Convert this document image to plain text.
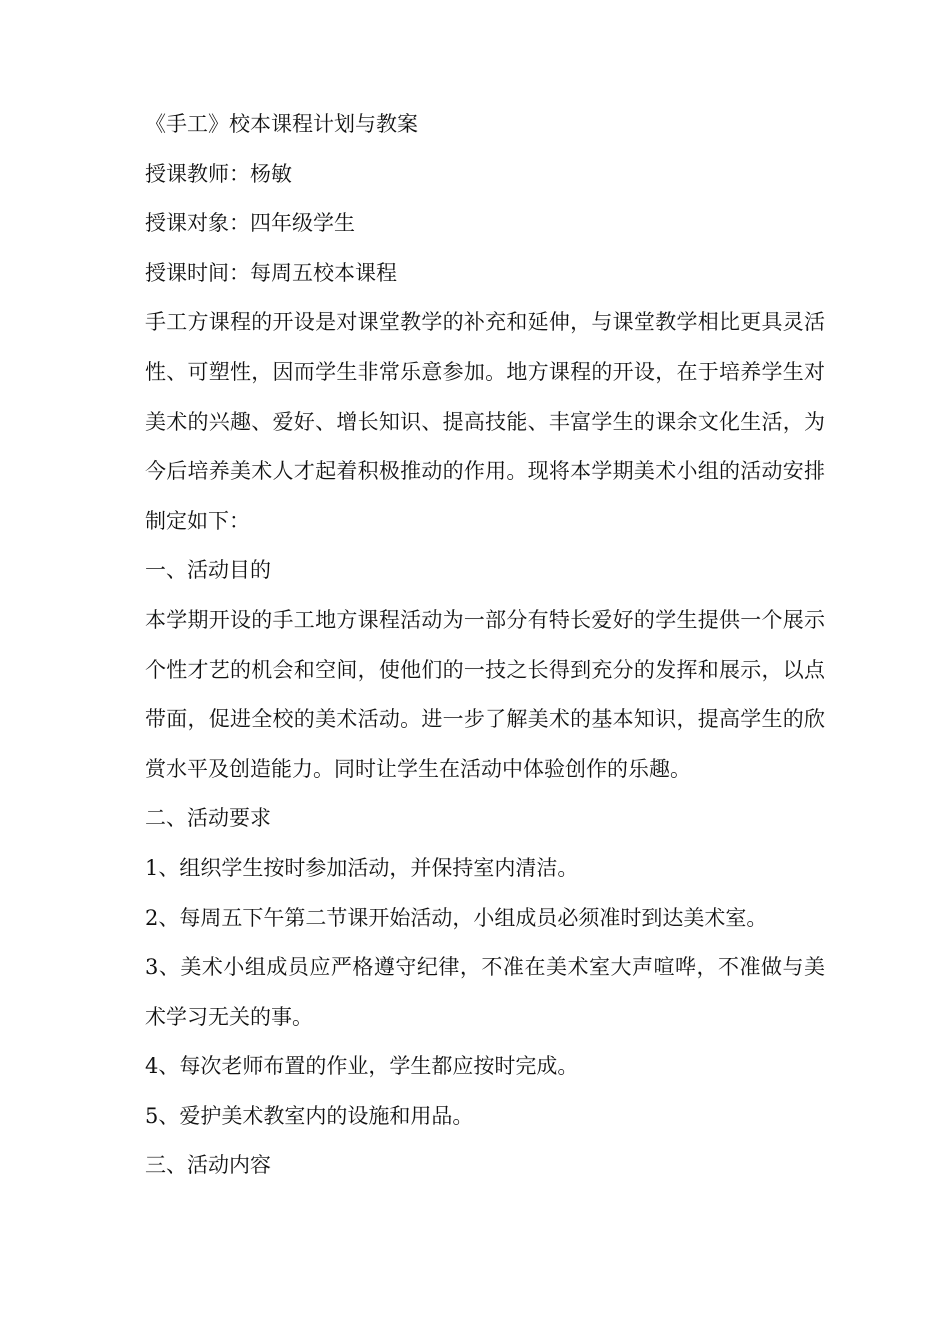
《手工》校本课程计划与教案

授课教师：杨敏

授课对象：四年级学生

授课时间：每周五校本课程

手工方课程的开设是对课堂教学的补充和延伸，与课堂教学相比更具灵活性、可塑性，因而学生非常乐意参加。地方课程的开设，在于培养学生对美术的兴趣、爱好、增长知识、提高技能、丰富学生的课余文化生活，为今后培养美术人才起着积极推动的作用。现将本学期美术小组的活动安排制定如下：

一、活动目的

本学期开设的手工地方课程活动为一部分有特长爱好的学生提供一个展示个性才艺的机会和空间，使他们的一技之长得到充分的发挥和展示，以点带面，促进全校的美术活动。进一步了解美术的基本知识，提高学生的欣赏水平及创造能力。同时让学生在活动中体验创作的乐趣。

二、活动要求

1、组织学生按时参加活动，并保持室内清洁。

2、每周五下午第二节课开始活动，小组成员必须准时到达美术室。

3、美术小组成员应严格遵守纪律，不准在美术室大声喧哗，不准做与美术学习无关的事。

4、每次老师布置的作业，学生都应按时完成。

5、爱护美术教室内的设施和用品。

三、活动内容
